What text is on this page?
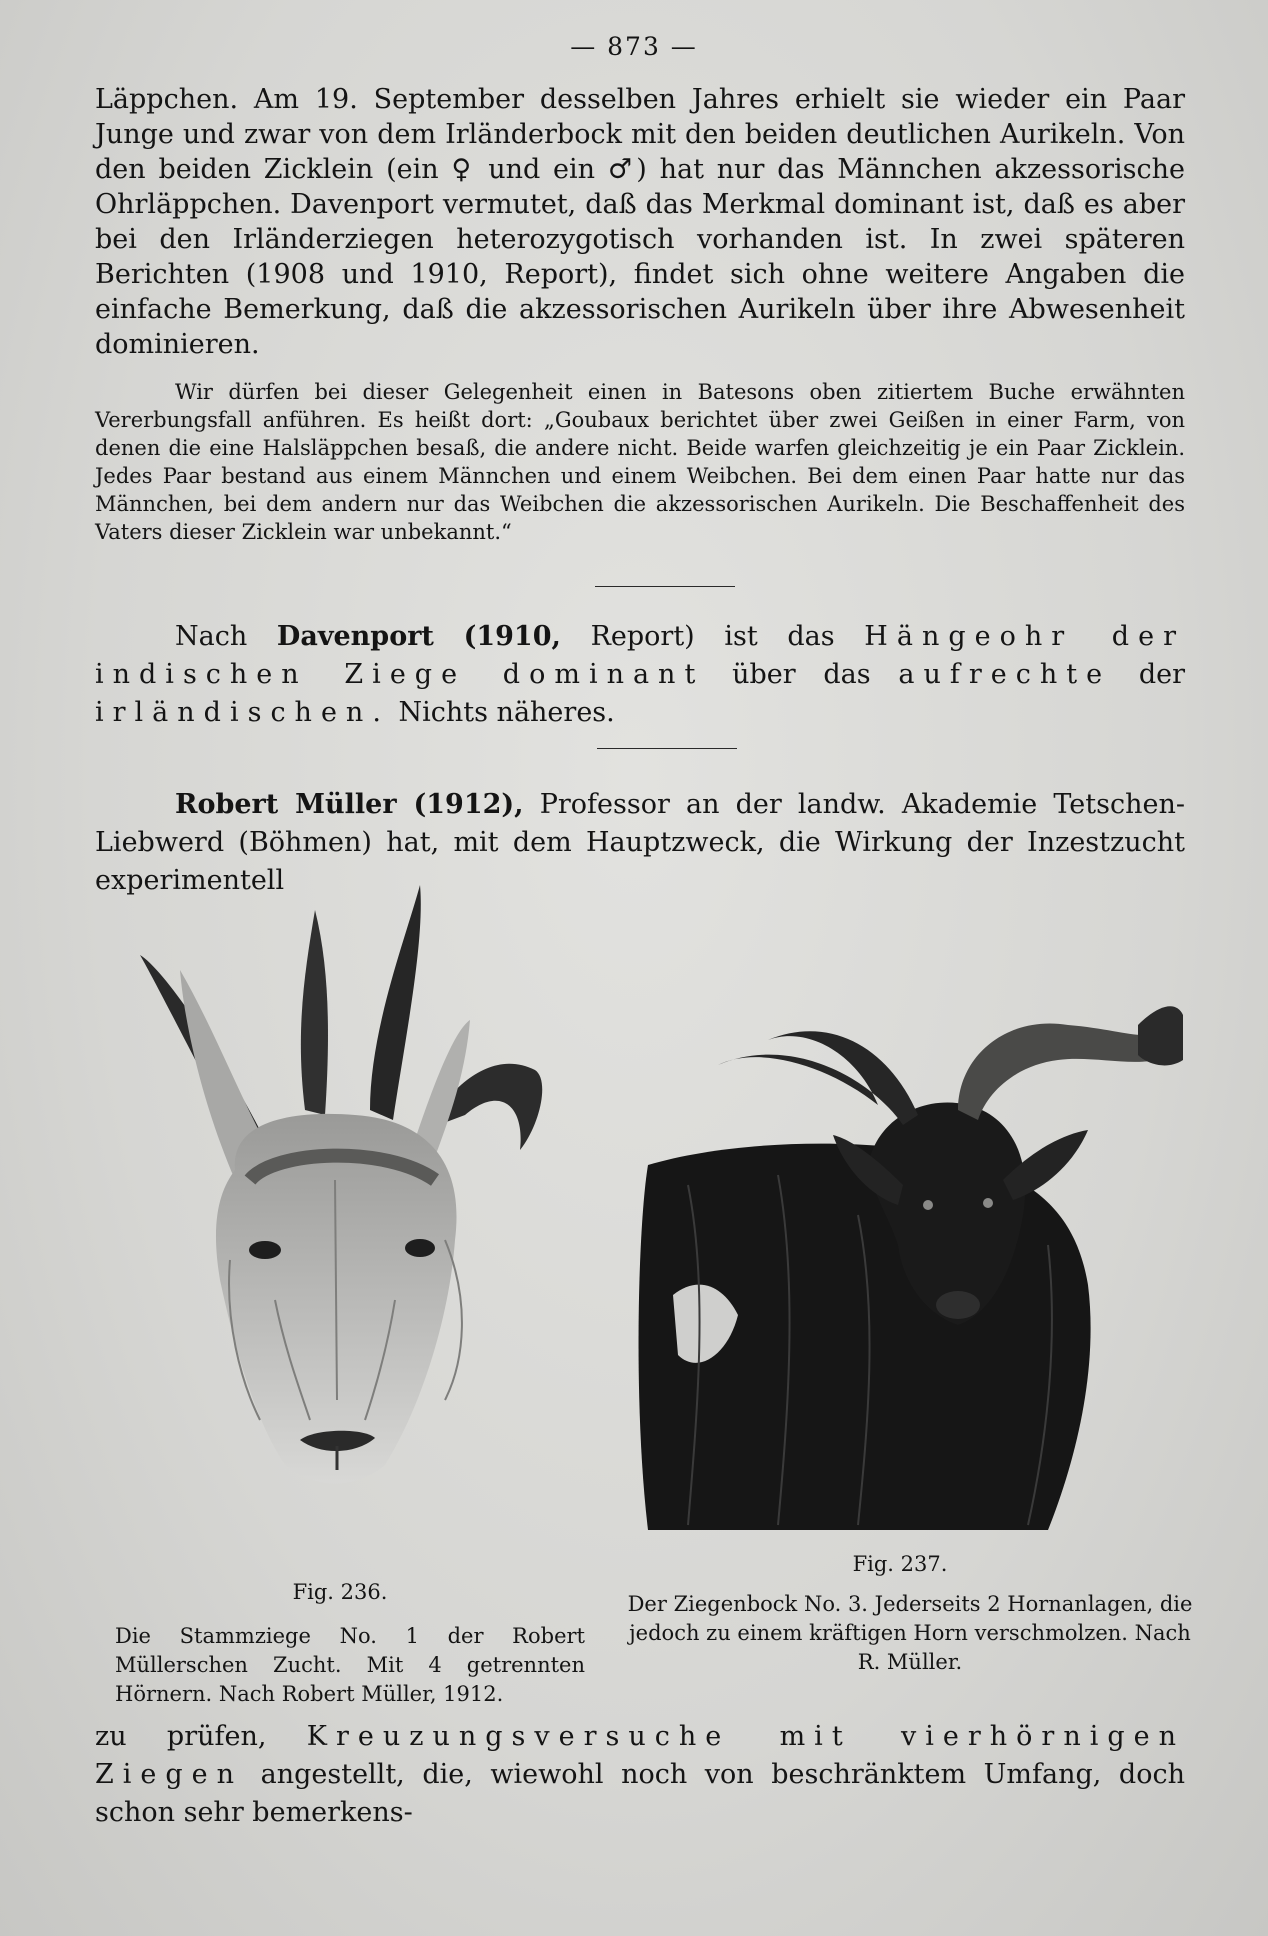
— 873 —

Läppchen. Am 19. September desselben Jahres erhielt sie wieder ein Paar Junge und zwar von dem Irländerbock mit den beiden deutlichen Aurikeln. Von den beiden Zicklein (ein ♀ und ein ♂) hat nur das Männchen akzessorische Ohrläppchen. Davenport vermutet, daß das Merkmal dominant ist, daß es aber bei den Irländerziegen heterozygotisch vorhanden ist. In zwei späteren Berichten (1908 und 1910, Report), findet sich ohne weitere Angaben die einfache Bemerkung, daß die akzessorischen Aurikeln über ihre Abwesenheit dominieren.

Wir dürfen bei dieser Gelegenheit einen in Batesons oben zitiertem Buche erwähnten Vererbungsfall anführen. Es heißt dort: „Goubaux berichtet über zwei Geißen in einer Farm, von denen die eine Halsläppchen besaß, die andere nicht. Beide warfen gleichzeitig je ein Paar Zicklein. Jedes Paar bestand aus einem Männchen und einem Weibchen. Bei dem einen Paar hatte nur das Männchen, bei dem andern nur das Weibchen die akzessorischen Aurikeln. Die Beschaffenheit des Vaters dieser Zicklein war unbekannt.“

Nach Davenport (1910, Report) ist das Hängeohr der indischen Ziege dominant über das aufrechte der irländischen. Nichts näheres.

Robert Müller (1912), Professor an der landw. Akademie Tetschen-Liebwerd (Böhmen) hat, mit dem Hauptzweck, die Wirkung der Inzestzucht experimentell

Fig. 236.
Fig. 237.
Die Stammziege No. 1 der Robert Müllerschen Zucht. Mit 4 getrennten Hörnern. Nach Robert Müller, 1912.
Der Ziegenbock No. 3. Jederseits 2 Hornanlagen, die jedoch zu einem kräftigen Horn verschmolzen. Nach R. Müller.

zu prüfen, Kreuzungsversuche mit vierhörnigen Ziegen angestellt, die, wiewohl noch von beschränktem Umfang, doch schon sehr bemerkens-
